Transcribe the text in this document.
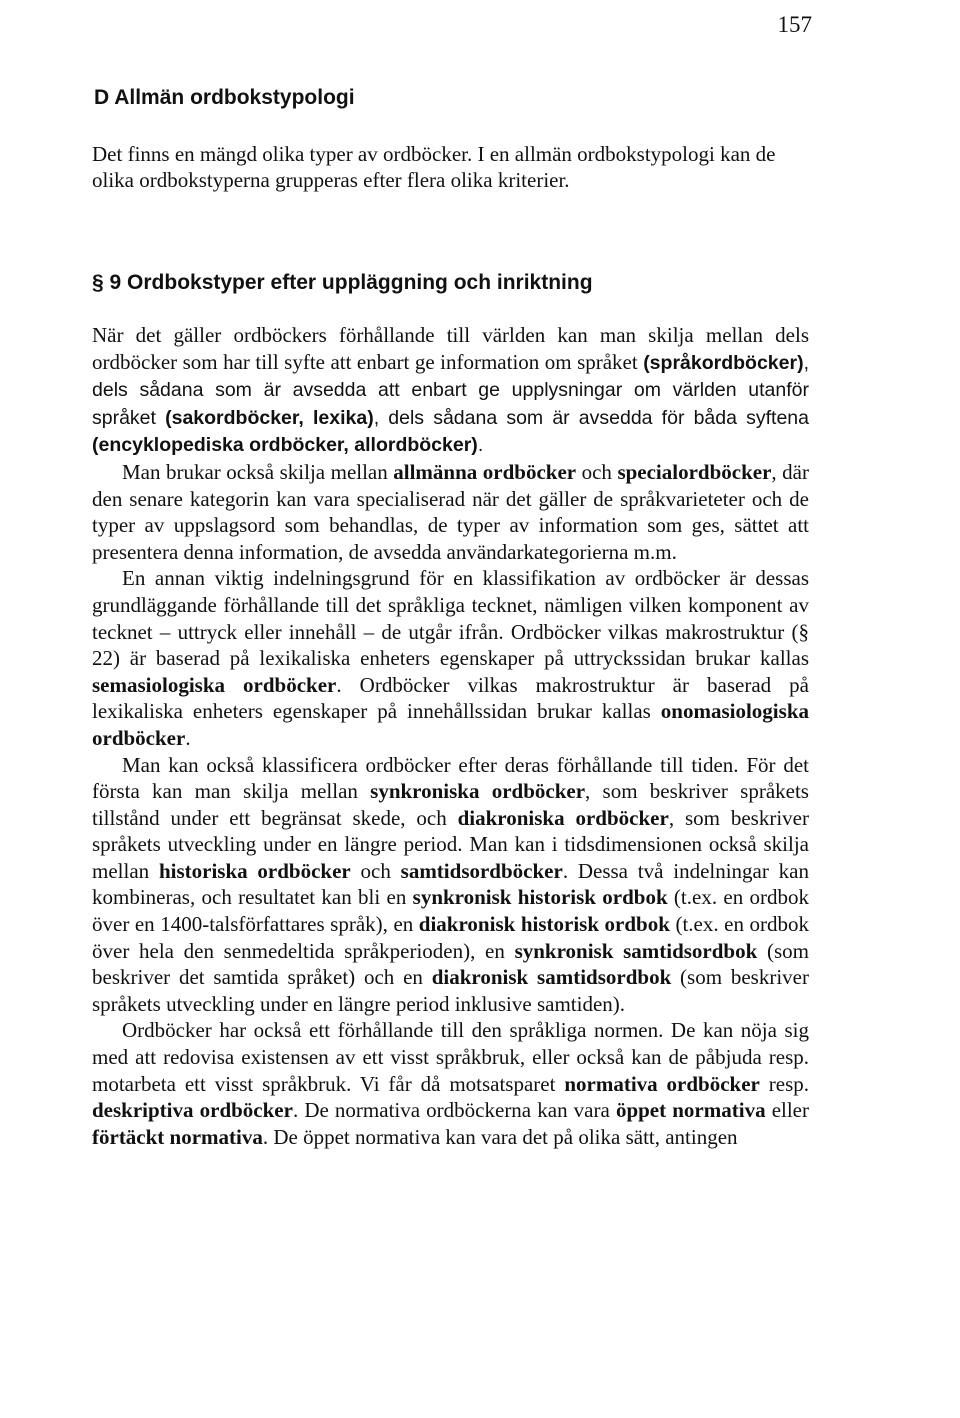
157
D Allmän ordbokstypologi
Det finns en mängd olika typer av ordböcker. I en allmän ordbokstypologi kan de olika ordbokstyperna grupperas efter flera olika kriterier.
§ 9 Ordbokstyper efter uppläggning och inriktning

När det gäller ordböckers förhållande till världen kan man skilja mellan dels ordböcker som har till syfte att enbart ge information om språket (språkordböcker), dels sådana som är avsedda att enbart ge upplysningar om världen utanför språket (sakordböcker, lexika), dels sådana som är avsedda för båda syftena (encyklopediska ordböcker, allordböcker).

Man brukar också skilja mellan allmänna ordböcker och specialordböcker, där den senare kategorin kan vara specialiserad när det gäller de språkvarieteter och de typer av uppslagsord som behandlas, de typer av information som ges, sättet att presentera denna information, de avsedda användarkategorierna m.m.

En annan viktig indelningsgrund för en klassifikation av ordböcker är dessas grundläggande förhållande till det språkliga tecknet, nämligen vilken komponent av tecknet – uttryck eller innehåll – de utgår ifrån. Ordböcker vilkas makrostruktur (§ 22) är baserad på lexikaliska enheters egenskaper på uttryckssidan brukar kallas semasiologiska ordböcker. Ordböcker vilkas makrostruktur är baserad på lexikaliska enheters egenskaper på innehållssidan brukar kallas onomasiologiska ordböcker.

Man kan också klassificera ordböcker efter deras förhållande till tiden. För det första kan man skilja mellan synkroniska ordböcker, som beskriver språkets tillstånd under ett begränsat skede, och diakroniska ordböcker, som beskriver språkets utveckling under en längre period. Man kan i tidsdimensionen också skilja mellan historiska ordböcker och samtidsordböcker. Dessa två indelningar kan kombineras, och resultatet kan bli en synkronisk historisk ordbok (t.ex. en ordbok över en 1400-talsförfattares språk), en diakronisk historisk ordbok (t.ex. en ordbok över hela den senmedeltida språkperioden), en synkronisk samtidsordbok (som beskriver det samtida språket) och en diakronisk samtidsordbok (som beskriver språkets utveckling under en längre period inklusive samtiden).

Ordböcker har också ett förhållande till den språkliga normen. De kan nöja sig med att redovisa existensen av ett visst språkbruk, eller också kan de påbjuda resp. motarbeta ett visst språkbruk. Vi får då motsatsparet normativa ordböcker resp. deskriptiva ordböcker. De normativa ordböckerna kan vara öppet normativa eller förtäckt normativa. De öppet normativa kan vara det på olika sätt, antingen
